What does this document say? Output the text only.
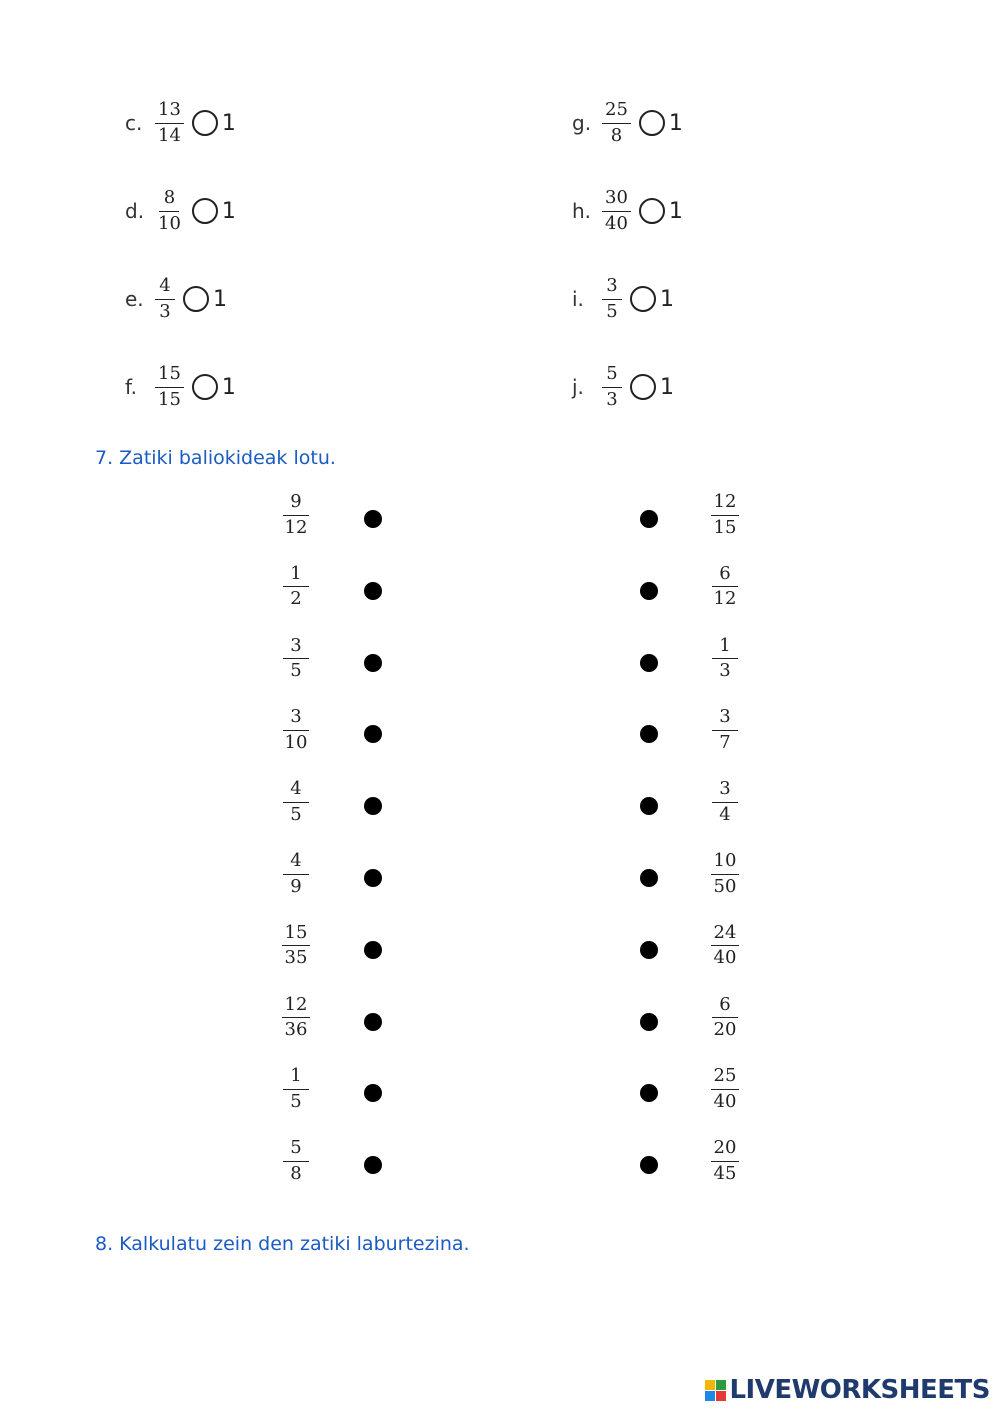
c. $\frac{13}{14} 1$
d. $\frac{8}{10} 1$
e. $\frac{4}{3} 1$
f.	$\frac{15}{15} 1$
g. $\frac{25}{8} 1$
h. $\frac{30}{40} 1$
i.	$\frac{3}{5} 1$
j.	$\frac{5}{3} 1$
7. Zatiki baliokideak lotu.
$\frac{9}{12}$
$\frac{1}{2}$
$\frac{3}{5}$
$\frac{3}{10}$
$\frac{4}{5}$
$\frac{4}{9}$
$\frac{15}{35}$
$\frac{12}{36}$
$\frac{1}{5}$
$\frac{5}{8}$
$\frac{12}{15}$
$\frac{6}{12}$
$\frac{1}{3}$
$\frac{3}{7}$
$\frac{3}{4}$
$\frac{10}{50}$
$\frac{24}{40}$
$\frac{6}{20}$
$\frac{25}{40}$
$\frac{20}{45}$
8. Kalkulatu zein den zatiki laburtezina.
LIVEWORKSHEETS
